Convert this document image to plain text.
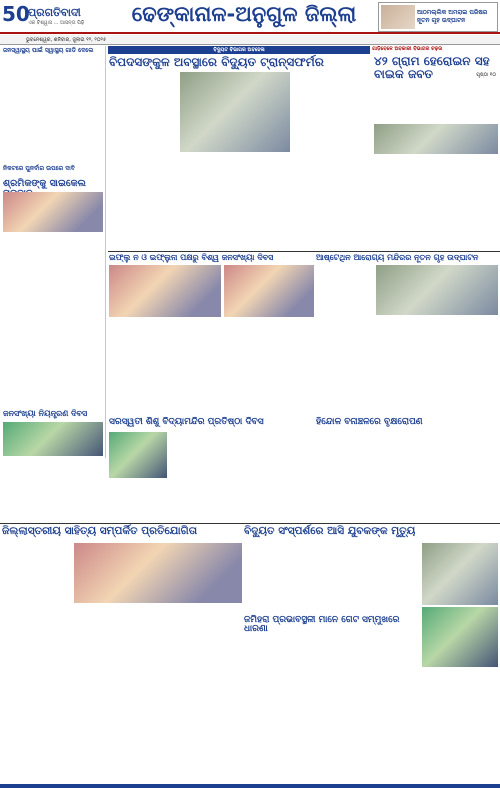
50
ପ୍ରଗତିବାଦୀ
ଏକ ବିଶ୍ୱାସ ... ଆସନ୍ତା ପିଢ଼ି	ଢେଙ୍କାନାଳ-ଅନୁଗୁଳ ଜିଲ୍ଲା	ଆଠମଲ୍ଲିକ ଅମରାଇ ପରିଷର ନୂତନ ଗୃହ ଉଦ୍‌ଘାଟନ
ଭୁବନେଶ୍ୱର, ଶନିବାର, ଜୁଲାଇ ୧୨, ୨୦୨୫
ପୃଷ୍ଠା ୧୦
ଜନସ୍ୱାସ୍ଥ୍ୟ ପାଇଁ ସ୍ୱାସ୍ଥ୍ୟ ଗାଡି ଦେଲେ
ନିକଟରେ ପୁନର୍ବାର ଉପରେ ଦାବି
ଶ୍ରମିକଙ୍କୁ ସାଇକେଲ
ଜନସଂଖ୍ୟା ନିୟନ୍ତ୍ରଣ ଦିବସ
ବିଦ୍ୟୁତ ବିଭାଗର ଅବହେଳା
ବିପଦସଙ୍କୁଳ ଅବସ୍ଥାରେ ବିଦ୍ୟୁତ ଟ୍ରାନ୍ସଫର୍ମର
ଗାଡ଼ିବେଳେ ଅବକାରୀ ବିଭାଗର ଚଢ଼ଉ
୪୨ ଗ୍ରାମ ହେରୋଇନ ସହ ବାଇକ ଜବତ
ଇଫ୍ଲୁ ନ ଓ ଇଫ୍ଲୁନା ପକ୍ଷରୁ ବିଶ୍ୱ ଜନସଂଖ୍ୟା ଦିବସ	ଆଷ୍ଟେଥିନ ଆରୋଗ୍ୟ ମନ୍ଦିରର ନୂତନ ଗୃହ ଉଦ୍‌ଘାଟନ
ହିନ୍ଦୋଳ ବନାଞ୍ଚଳରେ ବୃକ୍ଷରୋପଣ
ସରସ୍ୱତୀ ଶିଶୁ ବିଦ୍ୟାମନ୍ଦିର ପ୍ରତିଷ୍ଠା ଦିବସ
ଜିଲ୍ଲାସ୍ତରୀୟ ସାହିତ୍ୟ ସମ୍ପର୍କିତ ପ୍ରତିଯୋଗିତା	ବିଦ୍ୟୁତ ସଂସ୍ପର୍ଶରେ ଆସି ଯୁବକଙ୍କ ମୃତ୍ୟୁ
ଜମିହରା ପ୍ରଭାବସ୍ଥଳୀ ମାନେ ଗେଟ ସମ୍ମୁଖରେ ଧାରଣା
